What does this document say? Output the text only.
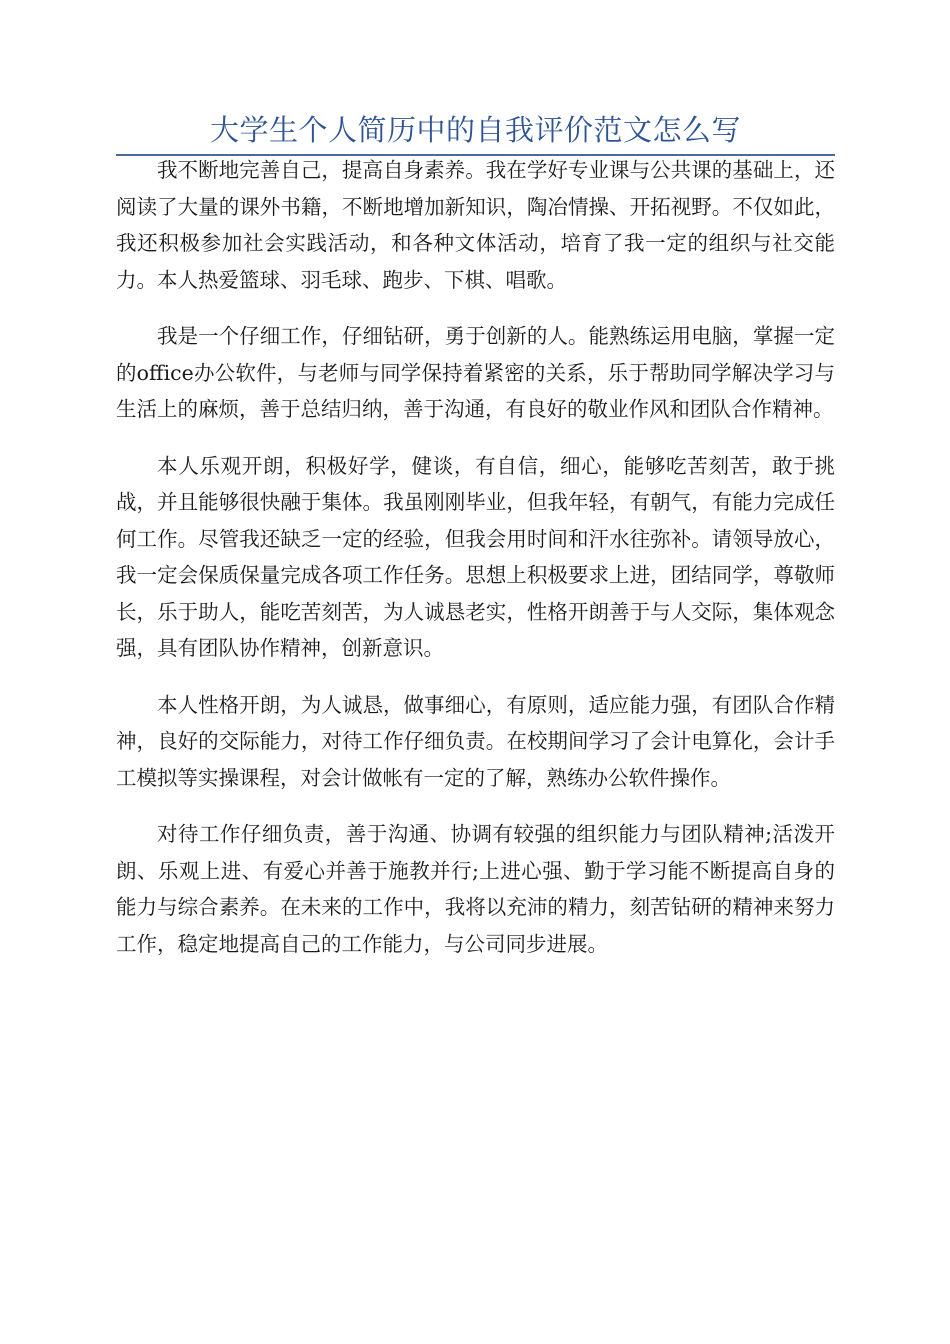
大学生个人简历中的自我评价范文怎么写

我不断地完善自己，提高自身素养。我在学好专业课与公共课的基础上，还阅读了大量的课外书籍，不断地增加新知识，陶冶情操、开拓视野。不仅如此，我还积极参加社会实践活动，和各种文体活动，培育了我一定的组织与社交能力。本人热爱篮球、羽毛球、跑步、下棋、唱歌。

我是一个仔细工作，仔细钻研，勇于创新的人。能熟练运用电脑，掌握一定的office办公软件，与老师与同学保持着紧密的关系，乐于帮助同学解决学习与生活上的麻烦，善于总结归纳，善于沟通，有良好的敬业作风和团队合作精神。

本人乐观开朗，积极好学，健谈，有自信，细心，能够吃苦刻苦，敢于挑战，并且能够很快融于集体。我虽刚刚毕业，但我年轻，有朝气，有能力完成任何工作。尽管我还缺乏一定的经验，但我会用时间和汗水往弥补。请领导放心，我一定会保质保量完成各项工作任务。思想上积极要求上进，团结同学，尊敬师长，乐于助人，能吃苦刻苦，为人诚恳老实，性格开朗善于与人交际，集体观念强，具有团队协作精神，创新意识。

本人性格开朗，为人诚恳，做事细心，有原则，适应能力强，有团队合作精神，良好的交际能力，对待工作仔细负责。在校期间学习了会计电算化，会计手工模拟等实操课程，对会计做帐有一定的了解，熟练办公软件操作。

对待工作仔细负责，善于沟通、协调有较强的组织能力与团队精神;活泼开朗、乐观上进、有爱心并善于施教并行;上进心强、勤于学习能不断提高自身的能力与综合素养。在未来的工作中，我将以充沛的精力，刻苦钻研的精神来努力工作，稳定地提高自己的工作能力，与公司同步进展。
